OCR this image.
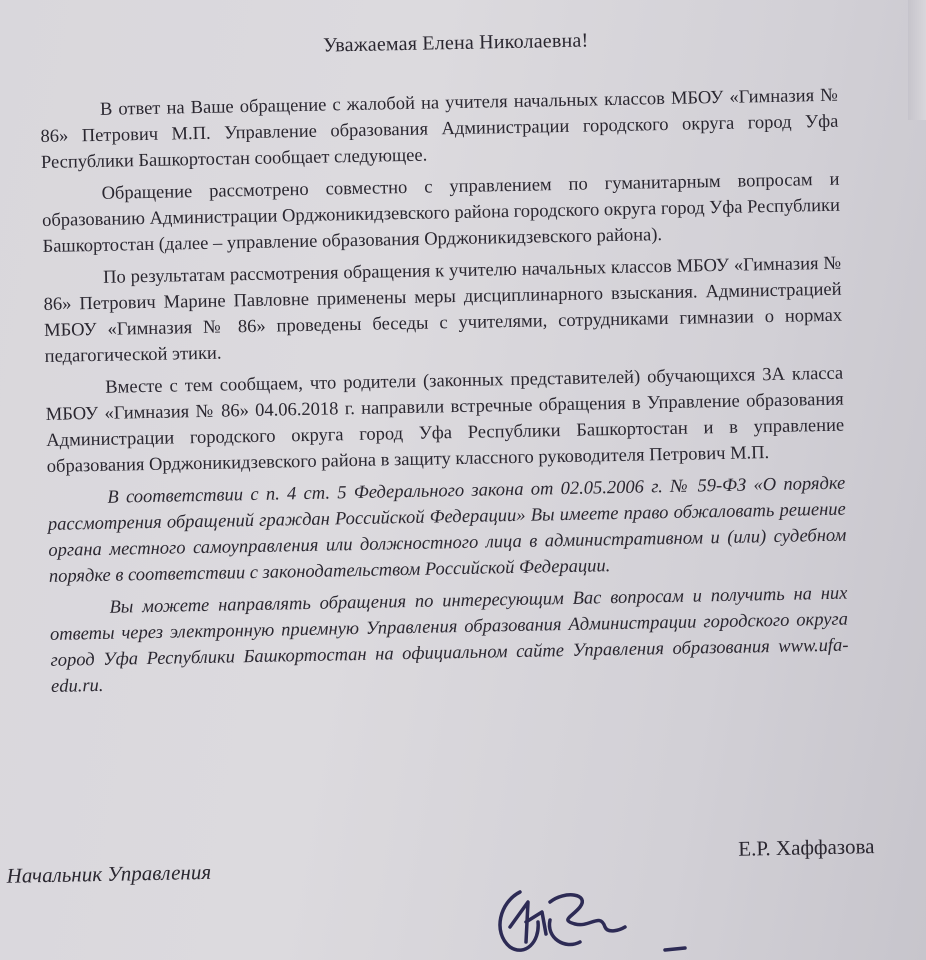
Уважаемая Елена Николаевна!

В ответ на Ваше обращение с жалобой на учителя начальных классов МБОУ «Гимназия № 86» Петрович М.П. Управление образования Администрации городского округа город Уфа Республики Башкортостан сообщает следующее.

Обращение рассмотрено совместно с управлением по гуманитарным вопросам и образованию Администрации Орджоникидзевского района городского округа город Уфа Республики Башкортостан (далее – управление образования Орджоникидзевского района).

По результатам рассмотрения обращения к учителю начальных классов МБОУ «Гимназия № 86» Петрович Марине Павловне применены меры дисциплинарного взыскания. Администрацией МБОУ «Гимназия № 86» проведены беседы с учителями, сотрудниками гимназии о нормах педагогической этики.

Вместе с тем сообщаем, что родители (законных представителей) обучающихся 3А класса МБОУ «Гимназия № 86» 04.06.2018 г. направили встречные обращения в Управление образования Администрации городского округа город Уфа Республики Башкортостан и в управление образования Орджоникидзевского района в защиту классного руководителя Петрович М.П.

В соответствии с п. 4 ст. 5 Федерального закона от 02.05.2006 г. № 59-ФЗ «О порядке рассмотрения обращений граждан Российской Федерации» Вы имеете право обжаловать решение органа местного самоуправления или должностного лица в административном и (или) судебном порядке в соответствии с законодательством Российской Федерации.

Вы можете направлять обращения по интересующим Вас вопросам и получить на них ответы через электронную приемную Управления образования Администрации городского округа город Уфа Республики Башкортостан на официальном сайте Управления образования www.ufa-edu.ru.

Начальник Управления
Е.Р. Хаффазова
